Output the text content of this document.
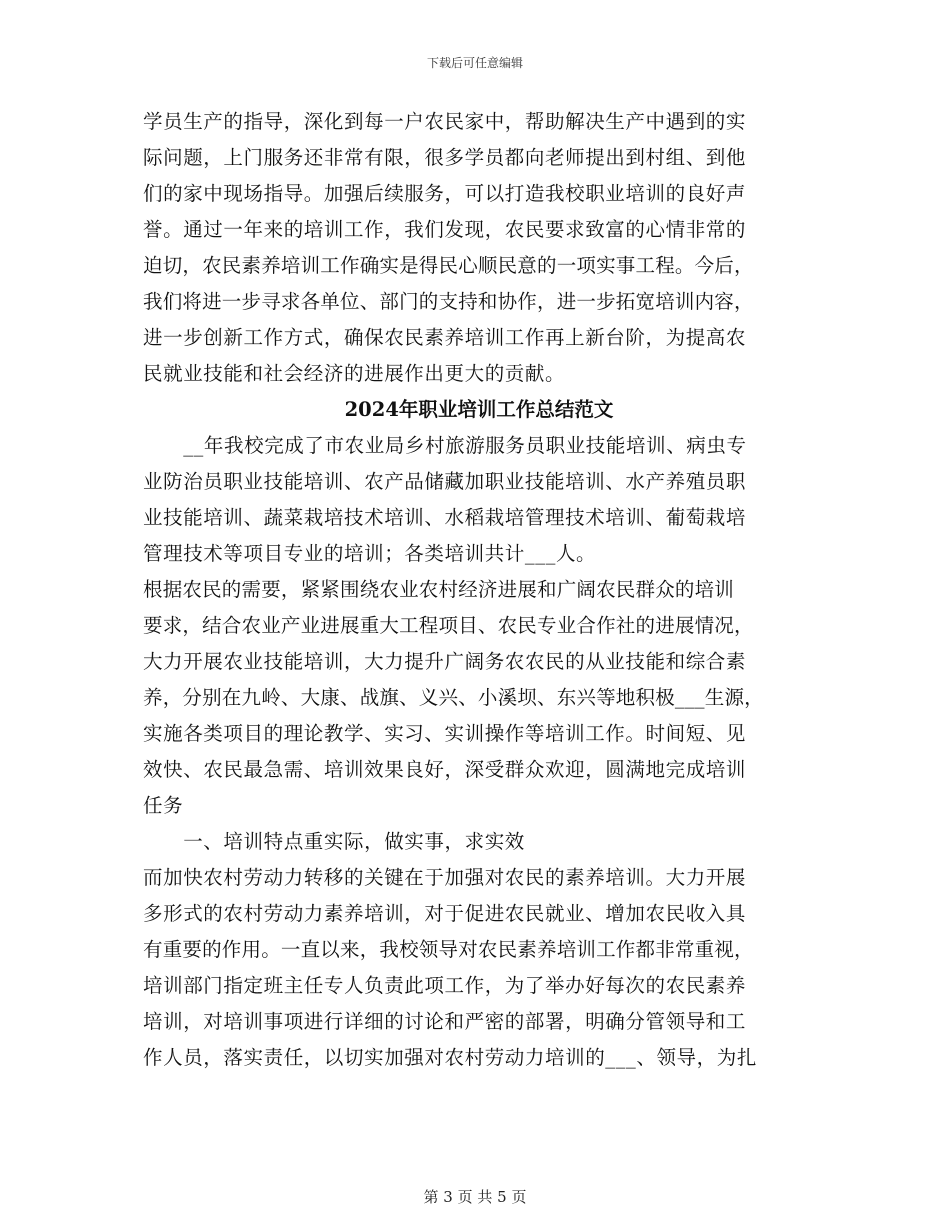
下载后可任意编辑
学员生产的指导，深化到每一户农民家中，帮助解决生产中遇到的实
际问题，上门服务还非常有限，很多学员都向老师提出到村组、到他
们的家中现场指导。加强后续服务，可以打造我校职业培训的良好声
誉。通过一年来的培训工作，我们发现，农民要求致富的心情非常的
迫切，农民素养培训工作确实是得民心顺民意的一项实事工程。今后，
我们将进一步寻求各单位、部门的支持和协作，进一步拓宽培训内容，
进一步创新工作方式，确保农民素养培训工作再上新台阶，为提高农
民就业技能和社会经济的进展作出更大的贡献。
2024年职业培训工作总结范文
　　__年我校完成了市农业局乡村旅游服务员职业技能培训、病虫专
业防治员职业技能培训、农产品储藏加职业技能培训、水产养殖员职
业技能培训、蔬菜栽培技术培训、水稻栽培管理技术培训、葡萄栽培
管理技术等项目专业的培训；各类培训共计___人。
根据农民的需要，紧紧围绕农业农村经济进展和广阔农民群众的培训
要求，结合农业产业进展重大工程项目、农民专业合作社的进展情况，
大力开展农业技能培训，大力提升广阔务农农民的从业技能和综合素
养，分别在九岭、大康、战旗、义兴、小溪坝、东兴等地积极___生源，
实施各类项目的理论教学、实习、实训操作等培训工作。时间短、见
效快、农民最急需、培训效果良好，深受群众欢迎，圆满地完成培训
任务
　　一、培训特点重实际，做实事，求实效
而加快农村劳动力转移的关键在于加强对农民的素养培训。大力开展
多形式的农村劳动力素养培训，对于促进农民就业、增加农民收入具
有重要的作用。一直以来，我校领导对农民素养培训工作都非常重视，
培训部门指定班主任专人负责此项工作，为了举办好每次的农民素养
培训，对培训事项进行详细的讨论和严密的部署，明确分管领导和工
作人员，落实责任，以切实加强对农村劳动力培训的___、领导，为扎
第 3 页 共 5 页
